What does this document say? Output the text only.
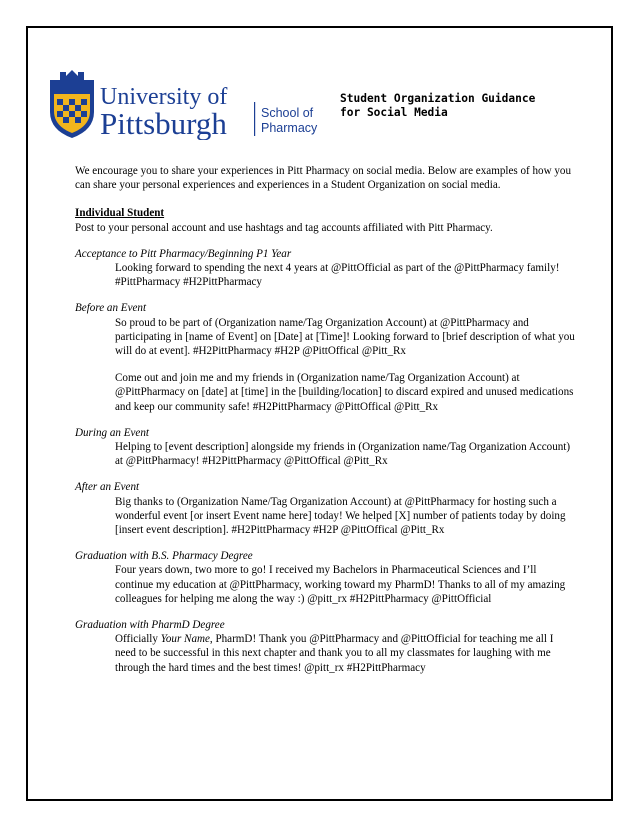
University of
Pittsburgh	School of
Pharmacy
Student Organization Guidance
for Social Media

We encourage you to share your experiences in Pitt Pharmacy on social media. Below are examples of how you can share your personal experiences and experiences in a Student Organization on social media.

Individual Student

Post to your personal account and use hashtags and tag accounts affiliated with Pitt Pharmacy.

Acceptance to Pitt Pharmacy/Beginning P1 Year

Looking forward to spending the next 4 years at @PittOfficial as part of the @PittPharmacy family! #PittPharmacy #H2PittPharmacy

Before an Event

So proud to be part of (Organization name/Tag Organization Account) at @PittPharmacy and participating in [name of Event] on [Date] at [Time]! Looking forward to [brief description of what you will do at event]. #H2PittPharmacy #H2P @PittOffical @Pitt_Rx

Come out and join me and my friends in (Organization name/Tag Organization Account) at @PittPharmacy on [date] at [time] in the [building/location] to discard expired and unused medications and keep our community safe! #H2PittPharmacy @PittOffical @Pitt_Rx

During an Event

Helping to [event description] alongside my friends in (Organization name/Tag Organization Account) at @PittPharmacy! #H2PittPharmacy @PittOffical @Pitt_Rx

After an Event

Big thanks to (Organization Name/Tag Organization Account) at @PittPharmacy for hosting such a wonderful event [or insert Event name here] today! We helped [X] number of patients today by doing [insert event description]. #H2PittPharmacy #H2P @PittOffical @Pitt_Rx

Graduation with B.S. Pharmacy Degree

Four years down, two more to go! I received my Bachelors in Pharmaceutical Sciences and I’ll continue my education at @PittPharmacy, working toward my PharmD! Thanks to all of my amazing colleagues for helping me along the way :) @pitt_rx #H2PittPharmacy @PittOfficial

Graduation with PharmD Degree

Officially Your Name, PharmD! Thank you @PittPharmacy and @PittOfficial for teaching me all I need to be successful in this next chapter and thank you to all my classmates for laughing with me through the hard times and the best times! @pitt_rx #H2PittPharmacy
